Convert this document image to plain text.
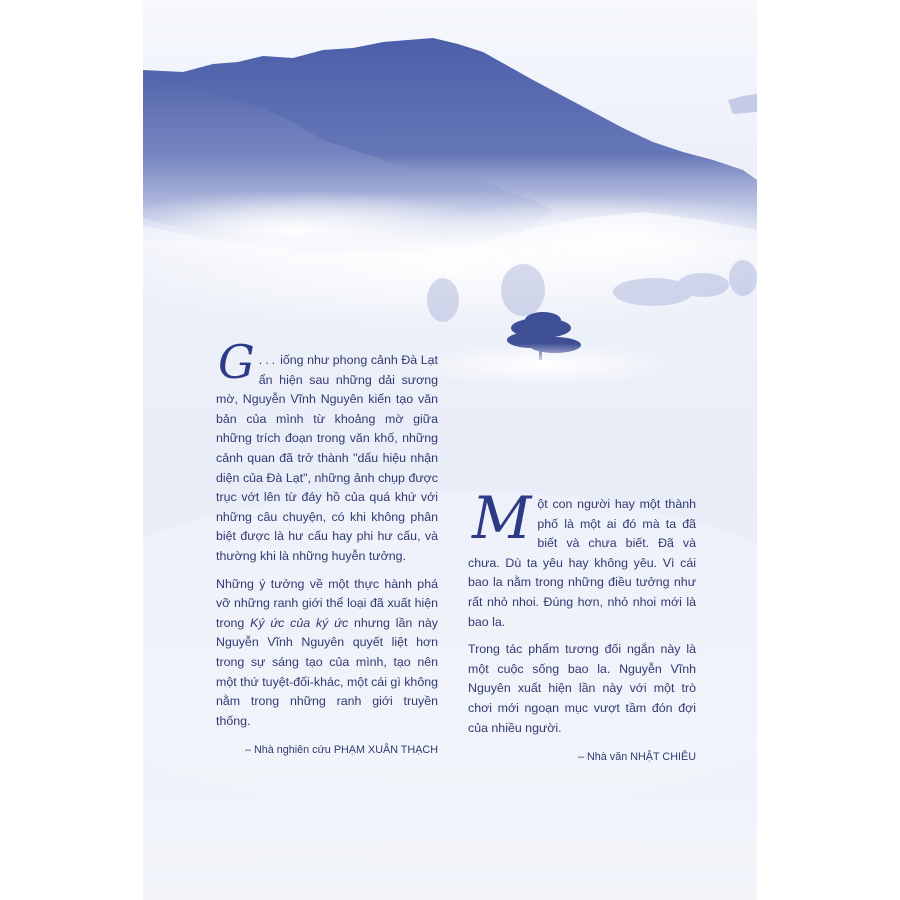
...
G iống như phong cảnh Đà Lạt ẩn hiện sau những dải sương mờ, Nguyễn Vĩnh Nguyên kiến tạo văn bản của mình từ khoảng mờ giữa những trích đoạn trong văn khố, những cảnh quan đã trở thành "dấu hiệu nhận diện của Đà Lạt", những ảnh chụp được trục vớt lên từ đáy hồ của quá khứ với những câu chuyện, có khi không phân biệt được là hư cấu hay phi hư cấu, và thường khi là những huyễn tưởng.

Những ý tưởng về một thực hành phá vỡ những ranh giới thể loại đã xuất hiện trong Ký ức của ký ức nhưng lần này Nguyễn Vĩnh Nguyên quyết liệt hơn trong sự sáng tạo của mình, tạo nên một thứ tuyệt-đối-khác, một cái gì không nằm trong những ranh giới truyền thống.

– Nhà nghiên cứu PHẠM XUÂN THẠCH

Một con người hay một thành phố là một ai đó mà ta đã biết và chưa biết. Đã và chưa. Dù ta yêu hay không yêu. Vì cái bao la nằm trong những điều tưởng như rất nhỏ nhoi. Đúng hơn, nhỏ nhoi mới là bao la.

Trong tác phẩm tương đối ngắn này là một cuộc sống bao la. Nguyễn Vĩnh Nguyên xuất hiện lần này với một trò chơi mới ngoạn mục vượt tầm đón đợi của nhiều người.

– Nhà văn NHẬT CHIÊU
